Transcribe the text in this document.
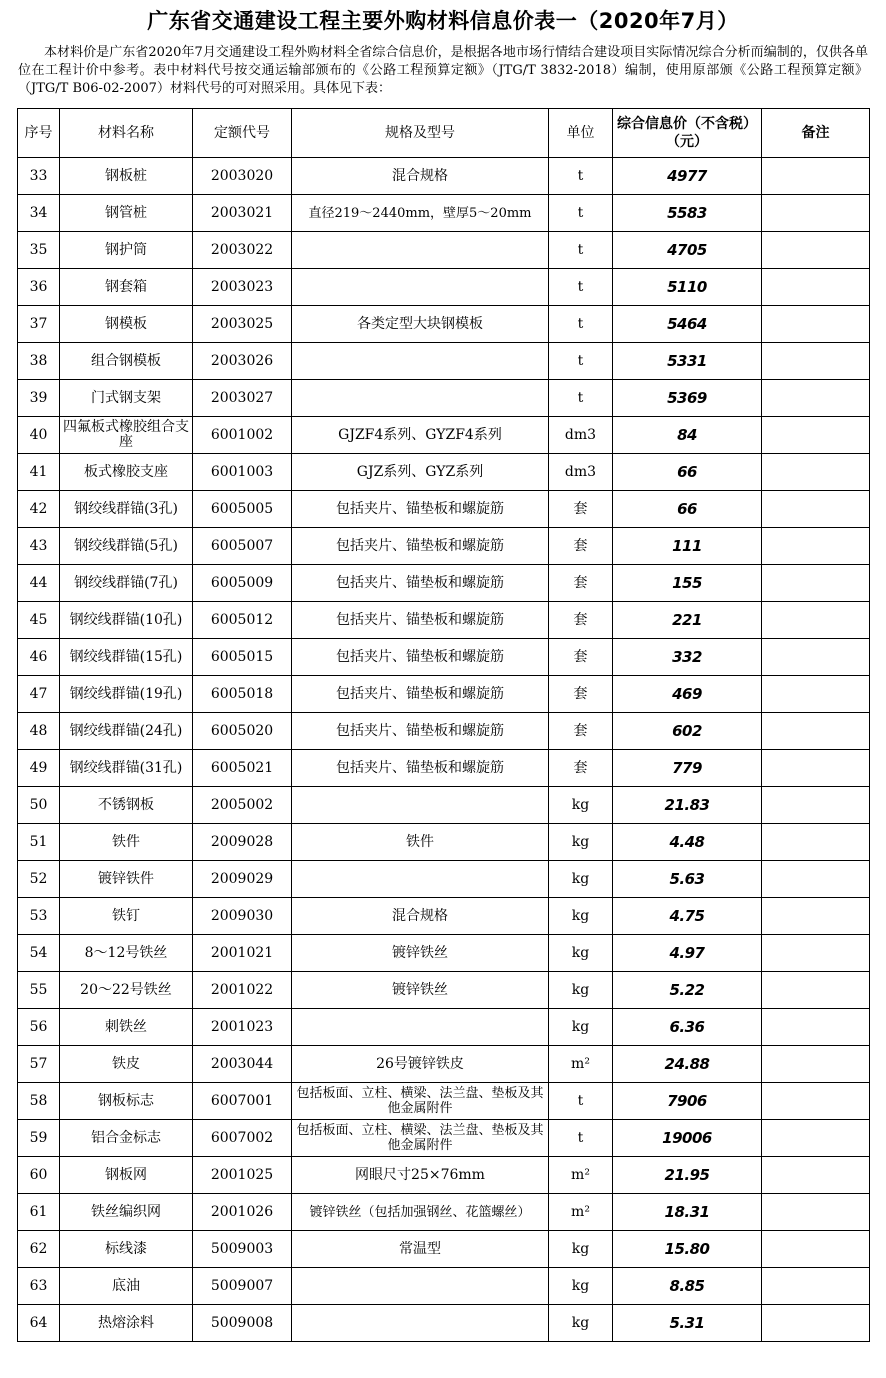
广东省交通建设工程主要外购材料信息价表一（2020年7月）
本材料价是广东省2020年7月交通建设工程外购材料全省综合信息价，是根据各地市场行情结合建设项目实际情况综合分析而编制的，仅供各单位在工程计价中参考。表中材料代号按交通运输部颁布的《公路工程预算定额》（JTG/T 3832-2018）编制，使用原部颁《公路工程预算定额》（JTG/T B06-02-2007）材料代号的可对照采用。具体见下表：
序号	材料名称	定额代号	规格及型号	单位	综合信息价（不含税）（元）	备注
33	钢板桩	2003020	混合规格	t	4977	
34	钢管桩	2003021	直径219～2440mm，壁厚5～20mm	t	5583	
35	钢护筒	2003022		t	4705	
36	钢套箱	2003023		t	5110	
37	钢模板	2003025	各类定型大块钢模板	t	5464	
38	组合钢模板	2003026		t	5331	
39	门式钢支架	2003027		t	5369	
40	四氟板式橡胶组合支座	6001002	GJZF4系列、GYZF4系列	dm3	84	
41	板式橡胶支座	6001003	GJZ系列、GYZ系列	dm3	66	
42	钢绞线群锚(3孔)	6005005	包括夹片、锚垫板和螺旋筋	套	66	
43	钢绞线群锚(5孔)	6005007	包括夹片、锚垫板和螺旋筋	套	111	
44	钢绞线群锚(7孔)	6005009	包括夹片、锚垫板和螺旋筋	套	155	
45	钢绞线群锚(10孔)	6005012	包括夹片、锚垫板和螺旋筋	套	221	
46	钢绞线群锚(15孔)	6005015	包括夹片、锚垫板和螺旋筋	套	332	
47	钢绞线群锚(19孔)	6005018	包括夹片、锚垫板和螺旋筋	套	469	
48	钢绞线群锚(24孔)	6005020	包括夹片、锚垫板和螺旋筋	套	602	
49	钢绞线群锚(31孔)	6005021	包括夹片、锚垫板和螺旋筋	套	779	
50	不锈钢板	2005002		kg	21.83	
51	铁件	2009028	铁件	kg	4.48	
52	镀锌铁件	2009029		kg	5.63	
53	铁钉	2009030	混合规格	kg	4.75	
54	8～12号铁丝	2001021	镀锌铁丝	kg	4.97	
55	20～22号铁丝	2001022	镀锌铁丝	kg	5.22	
56	刺铁丝	2001023		kg	6.36	
57	铁皮	2003044	26号镀锌铁皮	m²	24.88	
58	钢板标志	6007001	包括板面、立柱、横梁、法兰盘、垫板及其他金属附件	t	7906	
59	铝合金标志	6007002	包括板面、立柱、横梁、法兰盘、垫板及其他金属附件	t	19006	
60	钢板网	2001025	网眼尺寸25×76mm	m²	21.95	
61	铁丝编织网	2001026	镀锌铁丝（包括加强钢丝、花篮螺丝）	m²	18.31	
62	标线漆	5009003	常温型	kg	15.80	
63	底油	5009007		kg	8.85	
64	热熔涂料	5009008		kg	5.31	
